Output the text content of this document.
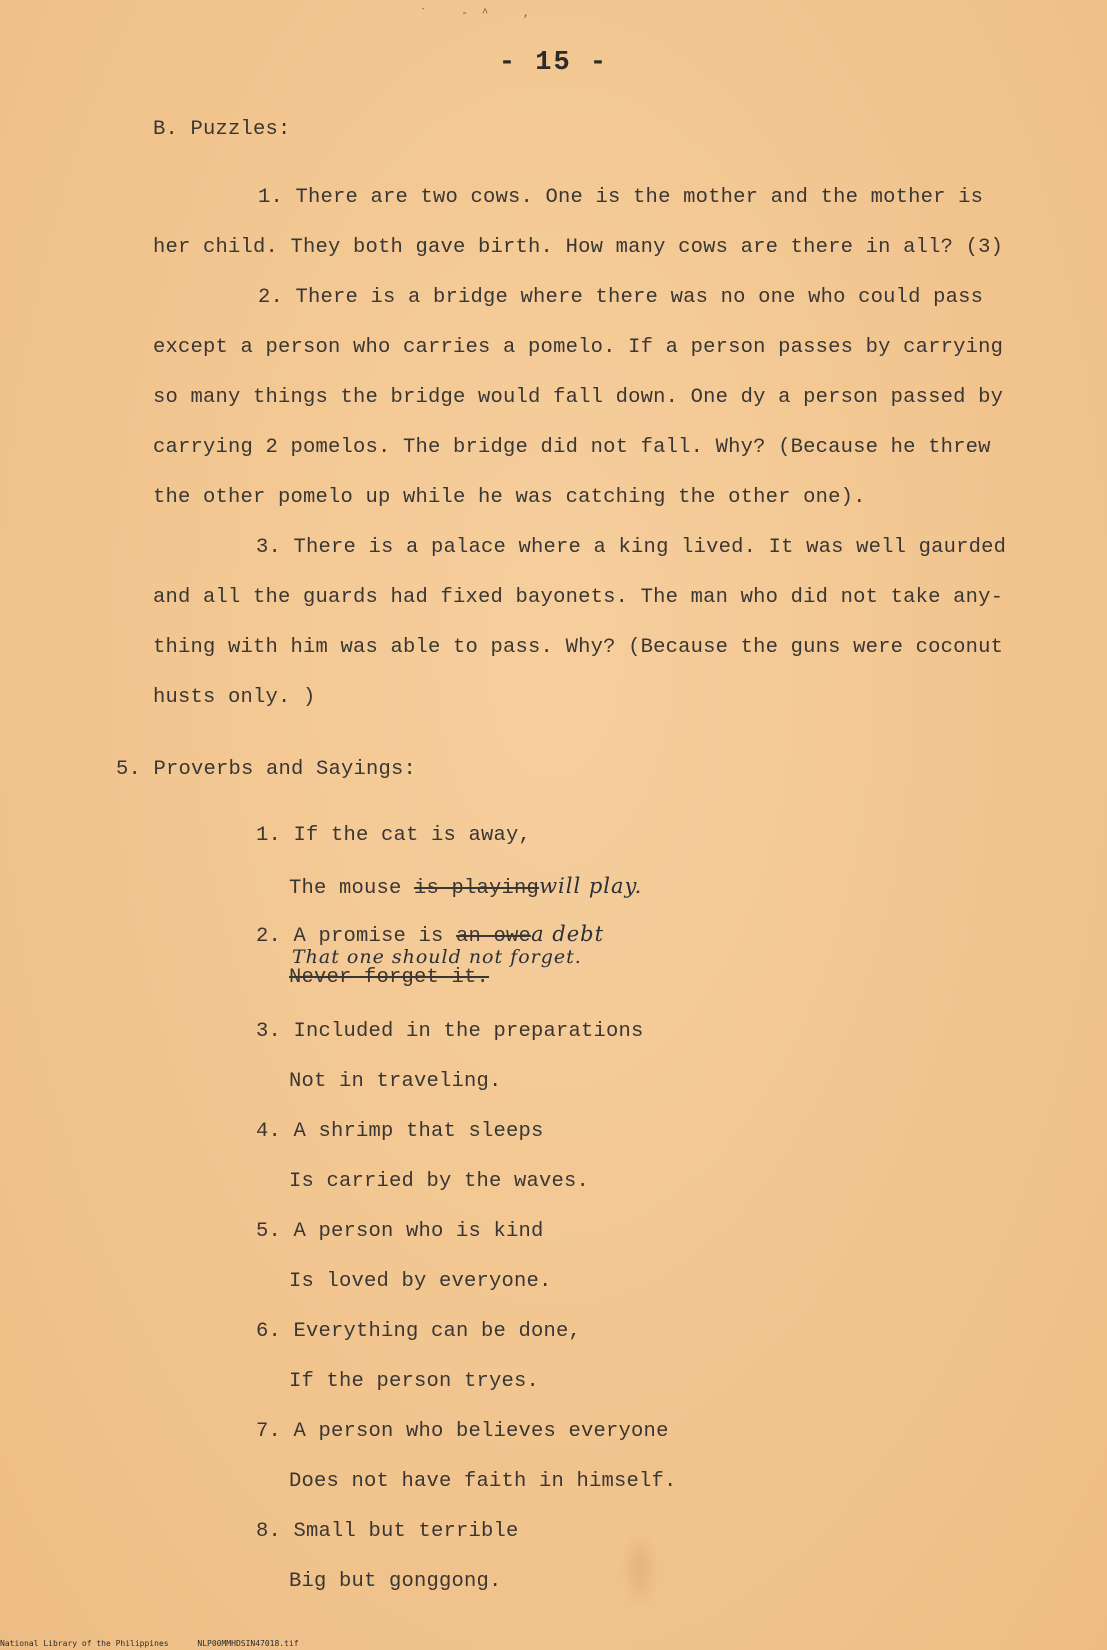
` -^ ,
- 15 -
B. Puzzles:
1. There are two cows. One is the mother and the mother is
her child. They both gave birth. How many cows are there in all? (3)
2. There is a bridge where there was no one who could pass
except a person who carries a pomelo. If a person passes by carrying
so many things the bridge would fall down. One dy a person passed by
carrying 2 pomelos. The bridge did not fall. Why? (Because he threw
the other pomelo up while he was catching the other one).
3. There is a palace where a king lived. It was well gaurded
and all the guards had fixed bayonets. The man who did not take any-
thing with him was able to pass. Why? (Because the guns were coconut
husts only. )
5. Proverbs and Sayings:
1. If the cat is away,
The mouse is playingwill play.
2. A promise is an owea debt
That one should not forget.
Never forget it.
3. Included in the preparations
Not in traveling.
4. A shrimp that sleeps
Is carried by the waves.
5. A person who is kind
Is loved by everyone.
6. Everything can be done,
If the person tryes.
7. A person who believes everyone
Does not have faith in himself.
8. Small but terrible
Big but gonggong.
National Library of the Philippines	NLP00MMHDSIN47018.tif
